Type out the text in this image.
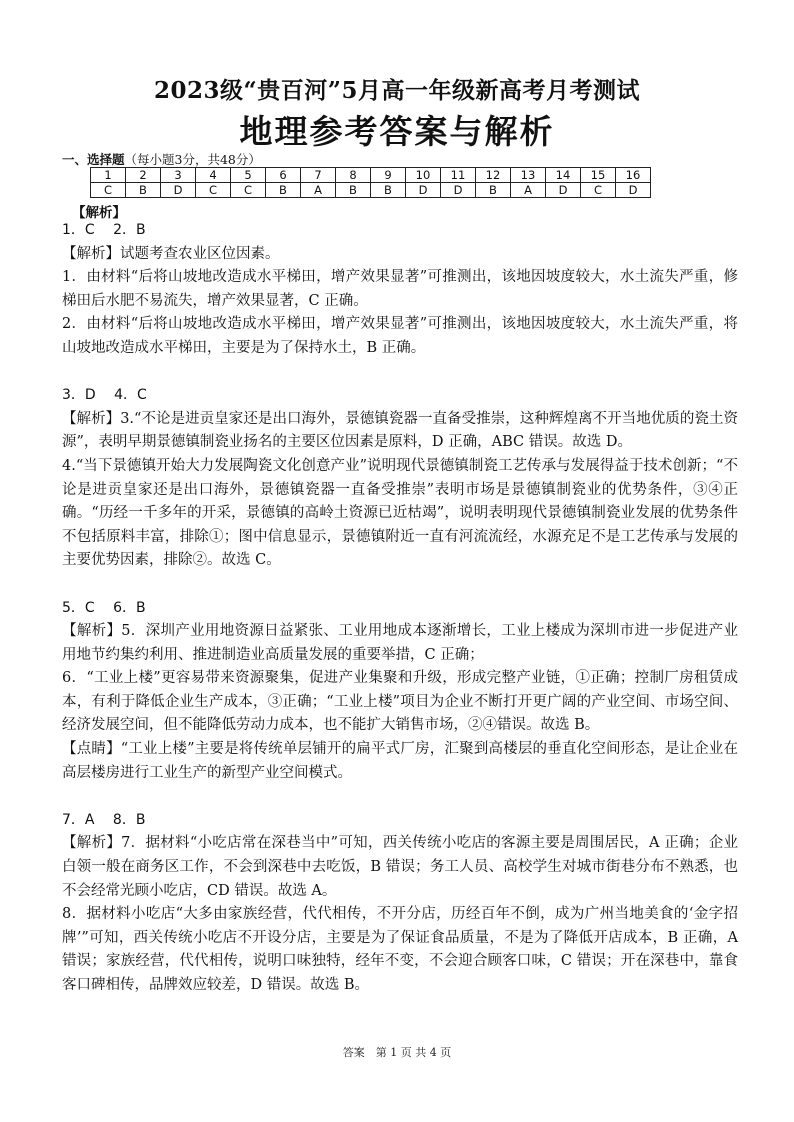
2023级“贵百河”5月高一年级新高考月考测试
地理参考答案与解析
一、选择题（每小题3分，共48分）
1	2	3	4	5	6	7	8	9	10	11	12	13	14	15	16
C	B	D	C	C	B	A	B	B	D	D	B	A	D	C	D
【解析】

1．C　 2．B

【解析】试题考查农业区位因素。

1．由材料“后将山坡地改造成水平梯田，增产效果显著”可推测出，该地因坡度较大，水土流失严重，修梯田后水肥不易流失，增产效果显著，C 正确。

2．由材料“后将山坡地改造成水平梯田，增产效果显著”可推测出，该地因坡度较大，水土流失严重，将山坡地改造成水平梯田，主要是为了保持水土，B 正确。

3．D　 4．C

【解析】3.“不论是进贡皇家还是出口海外，景德镇瓷器一直备受推崇，这种辉煌离不开当地优质的瓷土资源”，表明早期景德镇制瓷业扬名的主要区位因素是原料，D 正确，ABC 错误。故选 D。

4.“当下景德镇开始大力发展陶瓷文化创意产业”说明现代景德镇制瓷工艺传承与发展得益于技术创新；“不论是进贡皇家还是出口海外，景德镇瓷器一直备受推崇”表明市场是景德镇制瓷业的优势条件，③④正确。“历经一千多年的开采，景德镇的高岭土资源已近枯竭”，说明表明现代景德镇制瓷业发展的优势条件不包括原料丰富，排除①；图中信息显示，景德镇附近一直有河流流经，水源充足不是工艺传承与发展的主要优势因素，排除②。故选 C。

5．C　 6．B

【解析】5．深圳产业用地资源日益紧张、工业用地成本逐渐增长，工业上楼成为深圳市进一步促进产业用地节约集约利用、推进制造业高质量发展的重要举措，C 正确；

6．“工业上楼”更容易带来资源聚集，促进产业集聚和升级，形成完整产业链，①正确；控制厂房租赁成本，有利于降低企业生产成本，③正确；“工业上楼”项目为企业不断打开更广阔的产业空间、市场空间、经济发展空间，但不能降低劳动力成本，也不能扩大销售市场，②④错误。故选 B。

【点睛】“工业上楼”主要是将传统单层铺开的扁平式厂房，汇聚到高楼层的垂直化空间形态，是让企业在高层楼房进行工业生产的新型产业空间模式。

7．A　 8．B

【解析】7．据材料“小吃店常在深巷当中”可知，西关传统小吃店的客源主要是周围居民，A 正确；企业白领一般在商务区工作，不会到深巷中去吃饭，B 错误；务工人员、高校学生对城市街巷分布不熟悉，也不会经常光顾小吃店，CD 错误。故选 A。

8．据材料小吃店“大多由家族经营，代代相传，不开分店，历经百年不倒，成为广州当地美食的‘金字招牌’”可知，西关传统小吃店不开设分店，主要是为了保证食品质量，不是为了降低开店成本，B 正确，A 错误；家族经营，代代相传，说明口味独特，经年不变，不会迎合顾客口味，C 错误；开在深巷中，靠食客口碑相传，品牌效应较差，D 错误。故选 B。

答案　第 1 页 共 4 页
